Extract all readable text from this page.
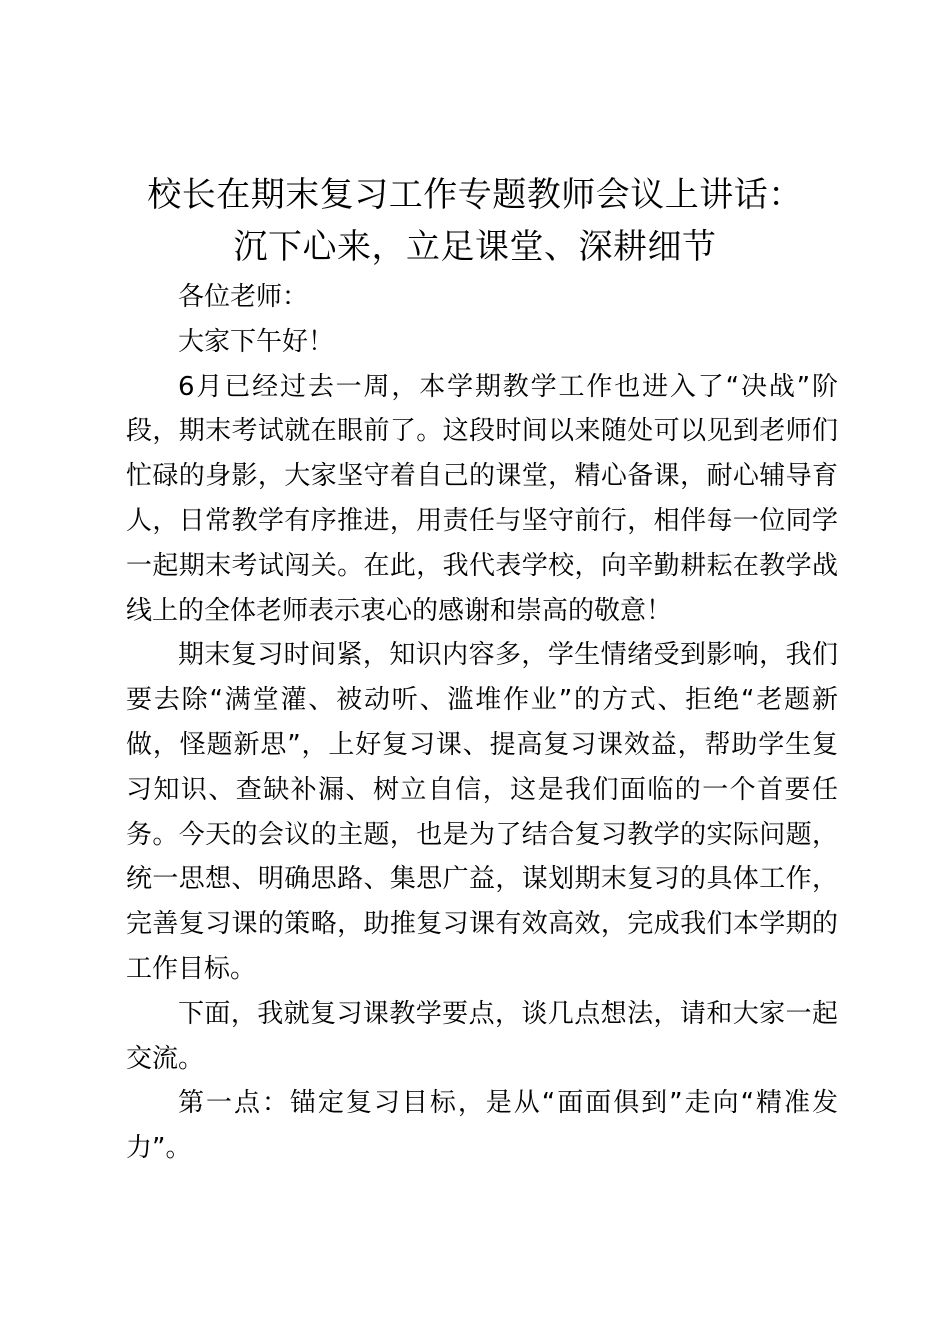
校长在期末复习工作专题教师会议上讲话：
沉下心来，立足课堂、深耕细节

各位老师：

大家下午好！

6月已经过去一周，本学期教学工作也进入了“决战”阶段，期末考试就在眼前了。这段时间以来随处可以见到老师们忙碌的身影，大家坚守着自己的课堂，精心备课，耐心辅导育人，日常教学有序推进，用责任与坚守前行，相伴每一位同学一起期末考试闯关。在此，我代表学校，向辛勤耕耘在教学战线上的全体老师表示衷心的感谢和崇高的敬意！

期末复习时间紧，知识内容多，学生情绪受到影响，我们要去除“满堂灌、被动听、滥堆作业”的方式、拒绝“老题新做，怪题新思”，上好复习课、提高复习课效益，帮助学生复习知识、查缺补漏、树立自信，这是我们面临的一个首要任务。今天的会议的主题，也是为了结合复习教学的实际问题，统一思想、明确思路、集思广益，谋划期末复习的具体工作，完善复习课的策略，助推复习课有效高效，完成我们本学期的工作目标。

下面，我就复习课教学要点，谈几点想法，请和大家一起交流。

第一点：锚定复习目标，是从“面面俱到”走向“精准发力”。
